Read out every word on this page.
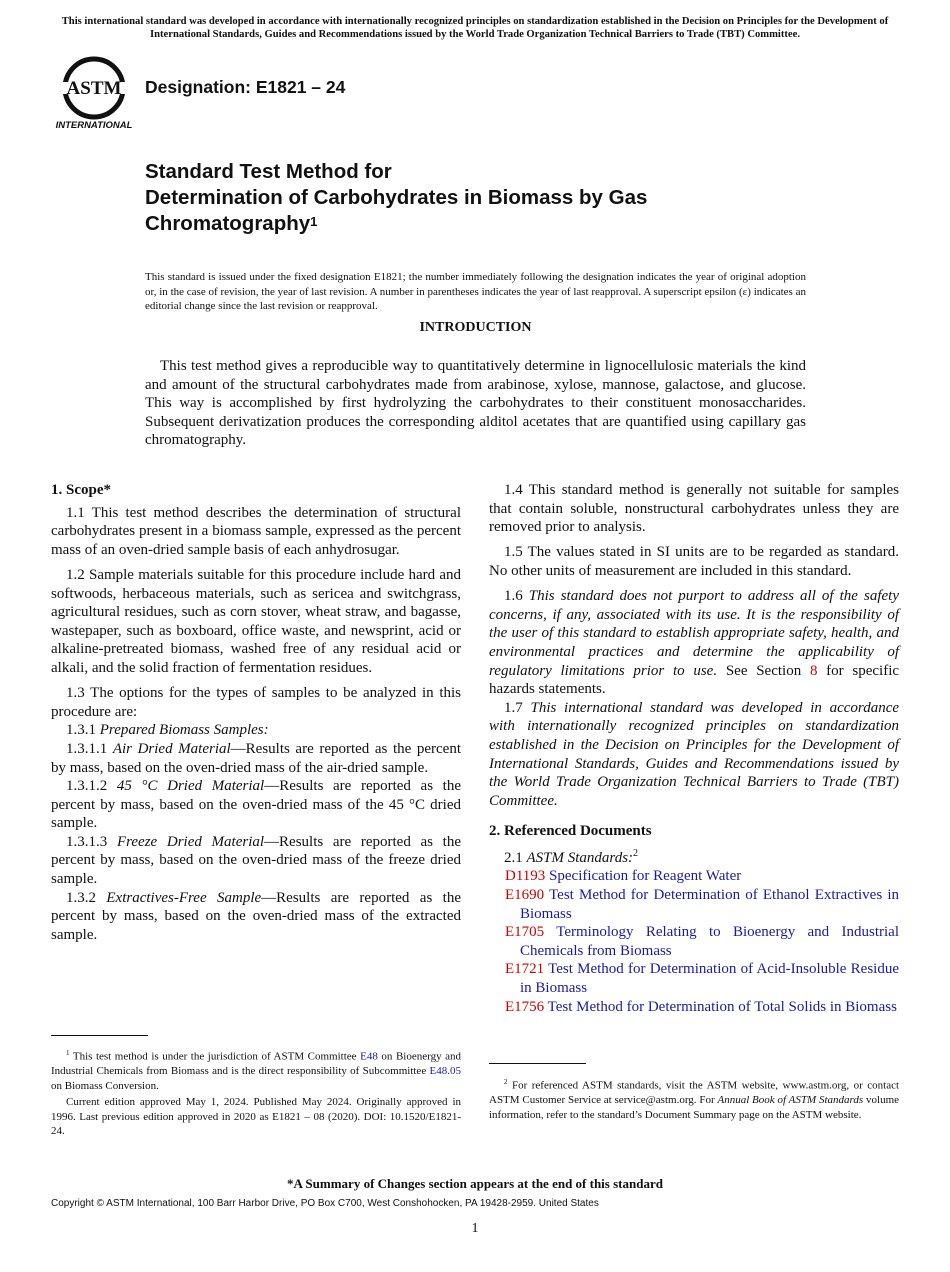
This international standard was developed in accordance with internationally recognized principles on standardization established in the Decision on Principles for the Development of International Standards, Guides and Recommendations issued by the World Trade Organization Technical Barriers to Trade (TBT) Committee.
ASTM
INTERNATIONAL
Designation: E1821 – 24
Standard Test Method for
Determination of Carbohydrates in Biomass by Gas
Chromatography$^1$
This standard is issued under the fixed designation E1821; the number immediately following the designation indicates the year of original adoption or, in the case of revision, the year of last revision. A number in parentheses indicates the year of last reapproval. A superscript epsilon (ε) indicates an editorial change since the last revision or reapproval.
INTRODUCTION

This test method gives a reproducible way to quantitatively determine in lignocellulosic materials the kind and amount of the structural carbohydrates made from arabinose, xylose, mannose, galactose, and glucose. This way is accomplished by first hydrolyzing the carbohydrates to their constituent monosaccharides. Subsequent derivatization produces the corresponding alditol acetates that are quantified using capillary gas chromatography.

1. Scope*

1.1 This test method describes the determination of structural carbohydrates present in a biomass sample, expressed as the percent mass of an oven-dried sample basis of each anhydrosugar.

1.2 Sample materials suitable for this procedure include hard and softwoods, herbaceous materials, such as sericea and switchgrass, agricultural residues, such as corn stover, wheat straw, and bagasse, wastepaper, such as boxboard, office waste, and newsprint, acid or alkaline-pretreated biomass, washed free of any residual acid or alkali, and the solid fraction of fermentation residues.

1.3 The options for the types of samples to be analyzed in this procedure are:

1.3.1 Prepared Biomass Samples:

1.3.1.1 Air Dried Material—Results are reported as the percent by mass, based on the oven-dried mass of the air-dried sample.

1.3.1.2 45 °C Dried Material—Results are reported as the percent by mass, based on the oven-dried mass of the 45 °C dried sample.

1.3.1.3 Freeze Dried Material—Results are reported as the percent by mass, based on the oven-dried mass of the freeze dried sample.

1.3.2 Extractives-Free Sample—Results are reported as the percent by mass, based on the oven-dried mass of the extracted sample.

1.4 This standard method is generally not suitable for samples that contain soluble, nonstructural carbohydrates unless they are removed prior to analysis.

1.5 The values stated in SI units are to be regarded as standard. No other units of measurement are included in this standard.

1.6 This standard does not purport to address all of the safety concerns, if any, associated with its use. It is the responsibility of the user of this standard to establish appropriate safety, health, and environmental practices and determine the applicability of regulatory limitations prior to use. See Section 8 for specific hazards statements.

1.7 This international standard was developed in accordance with internationally recognized principles on standardization established in the Decision on Principles for the Development of International Standards, Guides and Recommendations issued by the World Trade Organization Technical Barriers to Trade (TBT) Committee.

2. Referenced Documents

2.1 ASTM Standards:$^2$

D1193 Specification for Reagent Water
E1690 Test Method for Determination of Ethanol Extractives in Biomass
E1705 Terminology Relating to Bioenergy and Industrial Chemicals from Biomass
E1721 Test Method for Determination of Acid-Insoluble Residue in Biomass
E1756 Test Method for Determination of Total Solids in Biomass

$^1$ This test method is under the jurisdiction of ASTM Committee E48 on Bioenergy and Industrial Chemicals from Biomass and is the direct responsibility of Subcommittee E48.05 on Biomass Conversion.

Current edition approved May 1, 2024. Published May 2024. Originally approved in 1996. Last previous edition approved in 2020 as E1821 – 08 (2020). DOI: 10.1520/E1821-24.

$^2$ For referenced ASTM standards, visit the ASTM website, www.astm.org, or contact ASTM Customer Service at service@astm.org. For Annual Book of ASTM Standards volume information, refer to the standard’s Document Summary page on the ASTM website.

*A Summary of Changes section appears at the end of this standard
Copyright © ASTM International, 100 Barr Harbor Drive, PO Box C700, West Conshohocken, PA 19428-2959. United States
1
